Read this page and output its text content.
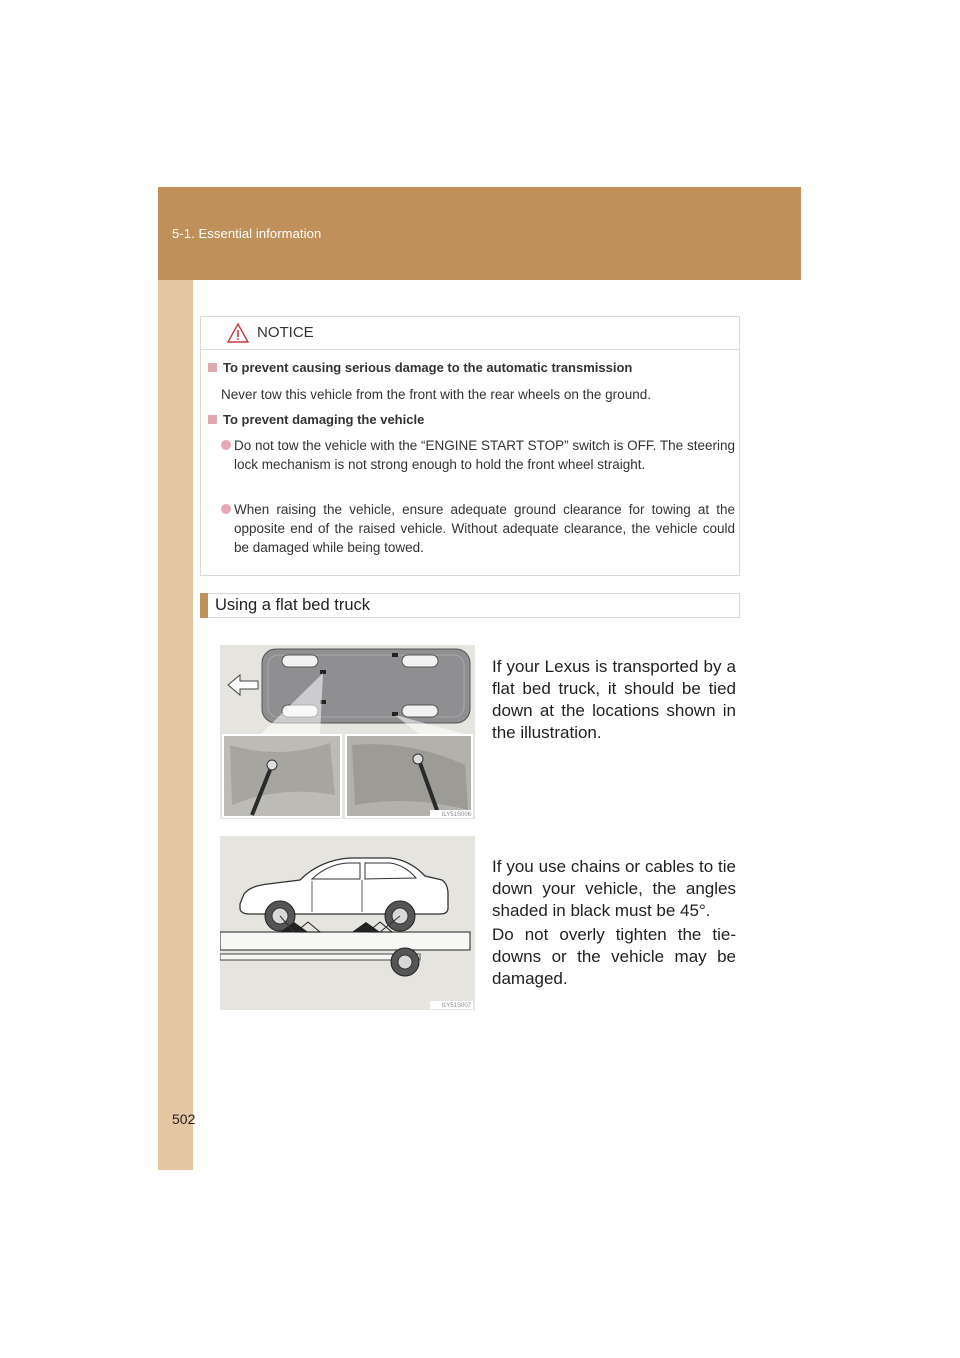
5-1. Essential information
NOTICE
To prevent causing serious damage to the automatic transmission
Never tow this vehicle from the front with the rear wheels on the ground.
To prevent damaging the vehicle
Do not tow the vehicle with the “ENGINE START STOP” switch is OFF. The steering lock mechanism is not strong enough to hold the front wheel straight.
When raising the vehicle, ensure adequate ground clearance for towing at the opposite end of the raised vehicle. Without adequate clearance, the vehicle could be damaged while being towed.
Using a flat bed truck
ILY51S006
ILY51S007
If your Lexus is transported by a flat bed truck, it should be tied down at the locations shown in the illustration.
If you use chains or cables to tie down your vehicle, the angles shaded in black must be 45°.
Do not overly tighten the tie-downs or the vehicle may be damaged.
502
